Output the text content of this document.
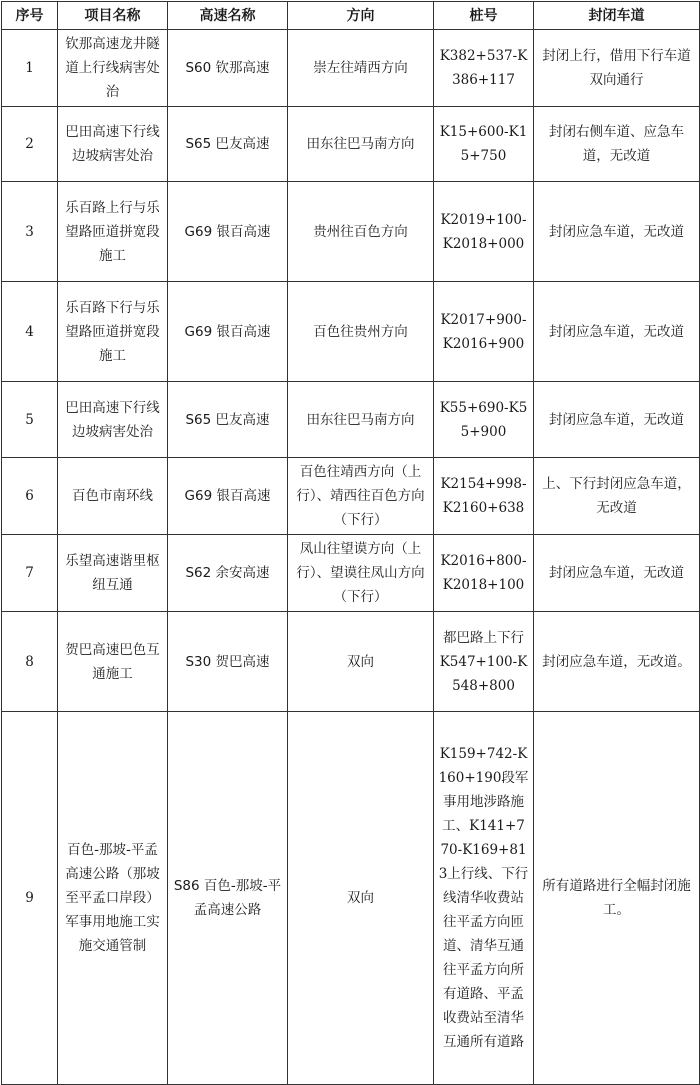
序号	项目名称	高速名称	方向	桩号	封闭车道
1	钦那高速龙井隧道上行线病害处治	S60 钦那高速	崇左往靖西方向	K382+537-K386+117	封闭上行，借用下行车道双向通行
2	巴田高速下行线边坡病害处治	S65 巴友高速	田东往巴马南方向	K15+600-K15+750	封闭右侧车道、应急车道，无改道
3	乐百路上行与乐望路匝道拼宽段施工	G69 银百高速	贵州往百色方向	K2019+100-K2018+000	封闭应急车道，无改道
4	乐百路下行与乐望路匝道拼宽段施工	G69 银百高速	百色往贵州方向	K2017+900-K2016+900	封闭应急车道，无改道
5	巴田高速下行线边坡病害处治	S65 巴友高速	田东往巴马南方向	K55+690-K55+900	封闭应急车道，无改道
6	百色市南环线	G69 银百高速	百色往靖西方向（上行）、靖西往百色方向（下行）	K2154+998-K2160+638	上、下行封闭应急车道，无改道
7	乐望高速谐里枢纽互通	S62 余安高速	凤山往望谟方向（上行）、望谟往凤山方向（下行）	K2016+800-K2018+100	封闭应急车道，无改道
8	贺巴高速巴色互通施工	S30 贺巴高速	双向	都巴路上下行K547+100-K548+800	封闭应急车道，无改道。
9	百色-那坡-平孟高速公路（那坡至平孟口岸段）军事用地施工实施交通管制	S86 百色-那坡-平孟高速公路	双向	K159+742-K160+190段军事用地涉路施工、K141+770-K169+813上行线、下行线清华收费站往平孟方向匝道、清华互通往平孟方向所有道路、平孟收费站至清华互通所有道路	所有道路进行全幅封闭施工。
